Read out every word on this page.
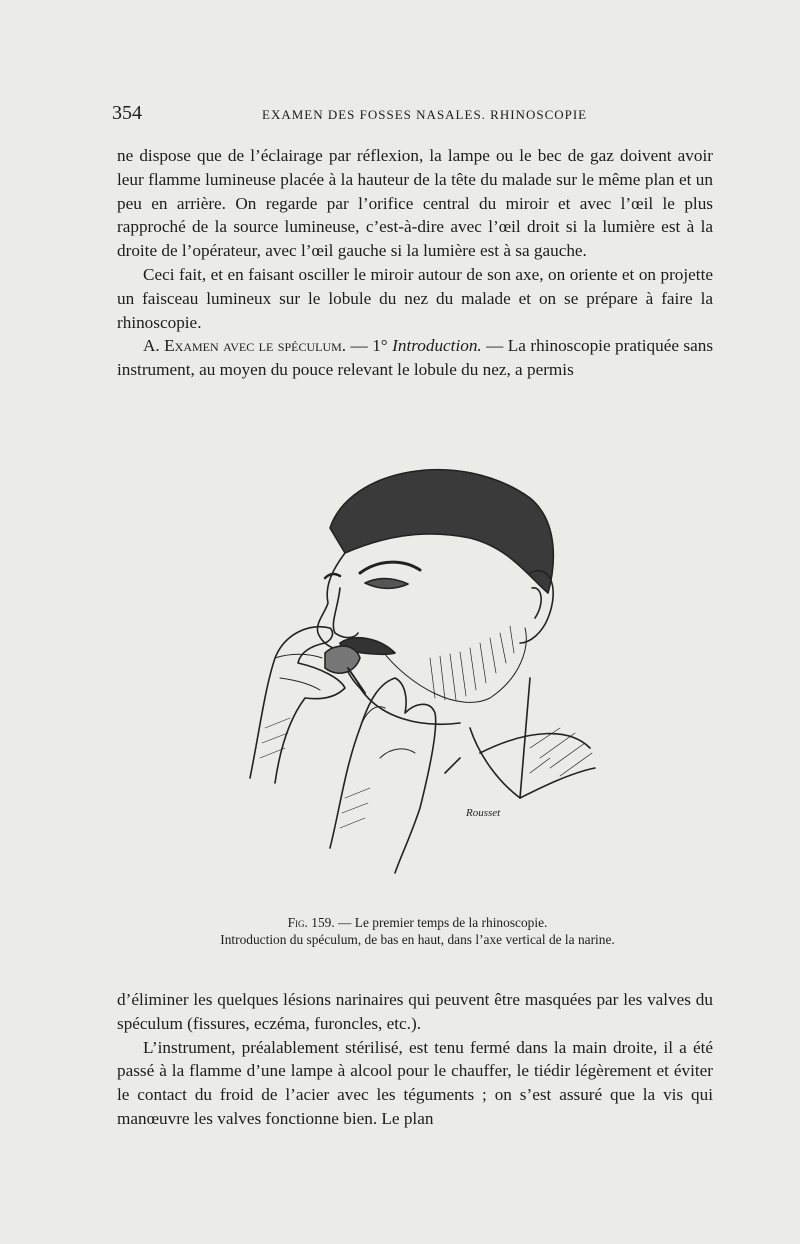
354	EXAMEN DES FOSSES NASALES. RHINOSCOPIE

ne dispose que de l’éclairage par réflexion, la lampe ou le bec de gaz doivent avoir leur flamme lumineuse placée à la hauteur de la tête du malade sur le même plan et un peu en arrière. On regarde par l’orifice central du miroir et avec l’œil le plus rapproché de la source lumineuse, c’est-à-dire avec l’œil droit si la lumière est à la droite de l’opérateur, avec l’œil gauche si la lumière est à sa gauche.

Ceci fait, et en faisant osciller le miroir autour de son axe, on oriente et on projette un faisceau lumineux sur le lobule du nez du malade et on se prépare à faire la rhinoscopie.

A. Examen avec le spéculum. — 1° Introduction. — La rhinoscopie pratiquée sans instrument, au moyen du pouce relevant le lobule du nez, a permis

Rousset
Fig. 159. — Le premier temps de la rhinoscopie.
Introduction du spéculum, de bas en haut, dans l’axe vertical de la narine.

d’éliminer les quelques lésions narinaires qui peuvent être masquées par les valves du spéculum (fissures, eczéma, furoncles, etc.).

L’instrument, préalablement stérilisé, est tenu fermé dans la main droite, il a été passé à la flamme d’une lampe à alcool pour le chauffer, le tiédir légèrement et éviter le contact du froid de l’acier avec les téguments ; on s’est assuré que la vis qui manœuvre les valves fonctionne bien. Le plan
